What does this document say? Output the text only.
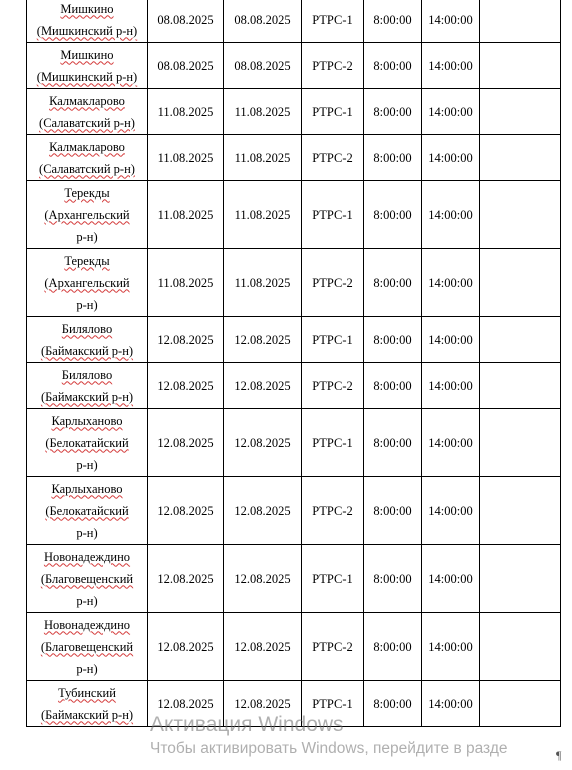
Мишкино
(Мишкинский р-н)	08.08.2025	08.08.2025	РТРС-1	8:00:00	14:00:00	

Мишкино
(Мишкинский р-н)	08.08.2025	08.08.2025	РТРС-2	8:00:00	14:00:00	

Калмакларово
(Салаватский р-н)	11.08.2025	11.08.2025	РТРС-1	8:00:00	14:00:00	

Калмакларово
(Салаватский р-н)	11.08.2025	11.08.2025	РТРС-2	8:00:00	14:00:00	

Терекды
(Архангельский
р-н)	11.08.2025	11.08.2025	РТРС-1	8:00:00	14:00:00	

Терекды
(Архангельский
р-н)	11.08.2025	11.08.2025	РТРС-2	8:00:00	14:00:00	

Билялово
(Баймакский р-н)	12.08.2025	12.08.2025	РТРС-1	8:00:00	14:00:00	

Билялово
(Баймакский р-н)	12.08.2025	12.08.2025	РТРС-2	8:00:00	14:00:00	

Карлыханово
(Белокатайский
р-н)	12.08.2025	12.08.2025	РТРС-1	8:00:00	14:00:00	

Карлыханово
(Белокатайский
р-н)	12.08.2025	12.08.2025	РТРС-2	8:00:00	14:00:00	

Новонадеждино
(Благовещенский
р-н)	12.08.2025	12.08.2025	РТРС-1	8:00:00	14:00:00	

Новонадеждино
(Благовещенский
р-н)	12.08.2025	12.08.2025	РТРС-2	8:00:00	14:00:00	

Тубинский
(Баймакский р-н)	12.08.2025	12.08.2025	РТРС-1	8:00:00	14:00:00	
Активация Windows
Чтобы активировать Windows, перейдите в разде	¶
